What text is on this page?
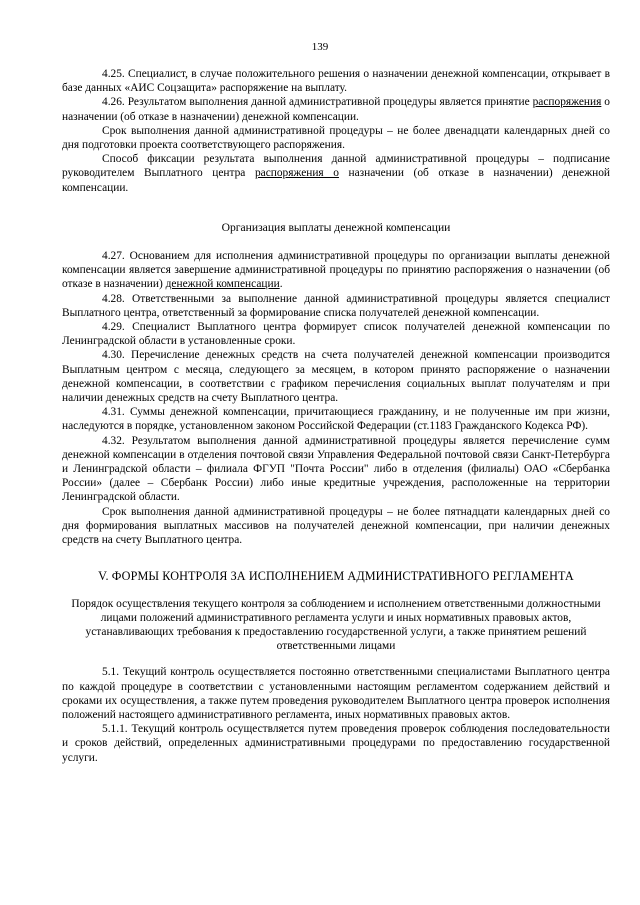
139

4.25. Специалист, в случае положительного решения о назначении денежной компенсации, открывает в базе данных «АИС Соцзащита» распоряжение на выплату.

4.26. Результатом выполнения данной административной процедуры является принятие распоряжения о назначении (об отказе в назначении) денежной компенсации.

Срок выполнения данной административной процедуры – не более двенадцати календарных дней со дня подготовки проекта соответствующего распоряжения.

Способ фиксации результата выполнения данной административной процедуры – подписание руководителем Выплатного центра распоряжения о назначении (об отказе в назначении) денежной компенсации.

Организация выплаты денежной компенсации

4.27. Основанием для исполнения административной процедуры по организации выплаты денежной компенсации является завершение административной процедуры по принятию распоряжения о назначении (об отказе в назначении) денежной компенсации.

4.28. Ответственными за выполнение данной административной процедуры является специалист Выплатного центра, ответственный за формирование списка получателей денежной компенсации.

4.29. Специалист Выплатного центра формирует список получателей денежной компенсации по Ленинградской области в установленные сроки.

4.30. Перечисление денежных средств на счета получателей денежной компенсации производится Выплатным центром с месяца, следующего за месяцем, в котором принято распоряжение о назначении денежной компенсации, в соответствии с графиком перечисления социальных выплат получателям и при наличии денежных средств на счету Выплатного центра.

4.31. Суммы денежной компенсации, причитающиеся гражданину, и не полученные им при жизни, наследуются в порядке, установленном законом Российской Федерации (ст.1183 Гражданского Кодекса РФ).

4.32. Результатом выполнения данной административной процедуры является перечисление сумм денежной компенсации в отделения почтовой связи Управления Федеральной почтовой связи Санкт-Петербурга и Ленинградской области – филиала ФГУП "Почта России" либо в отделения (филиалы) ОАО «Сбербанка России» (далее – Сбербанк России) либо иные кредитные учреждения, расположенные на территории Ленинградской области.

Срок выполнения данной административной процедуры – не более пятнадцати календарных дней со дня формирования выплатных массивов на получателей денежной компенсации, при наличии денежных средств на счету Выплатного центра.

V. ФОРМЫ КОНТРОЛЯ ЗА ИСПОЛНЕНИЕМ АДМИНИСТРАТИВНОГО РЕГЛАМЕНТА

Порядок осуществления текущего контроля за соблюдением и исполнением ответственными должностными лицами положений административного регламента услуги и иных нормативных правовых актов, устанавливающих требования к предоставлению государственной услуги, а также принятием решений ответственными лицами

5.1. Текущий контроль осуществляется постоянно ответственными специалистами Выплатного центра по каждой процедуре в соответствии с установленными настоящим регламентом содержанием действий и сроками их осуществления, а также путем проведения руководителем Выплатного центра проверок исполнения положений настоящего административного регламента, иных нормативных правовых актов.

5.1.1. Текущий контроль осуществляется путем проведения проверок соблюдения последовательности и сроков действий, определенных административными процедурами по предоставлению государственной услуги.
